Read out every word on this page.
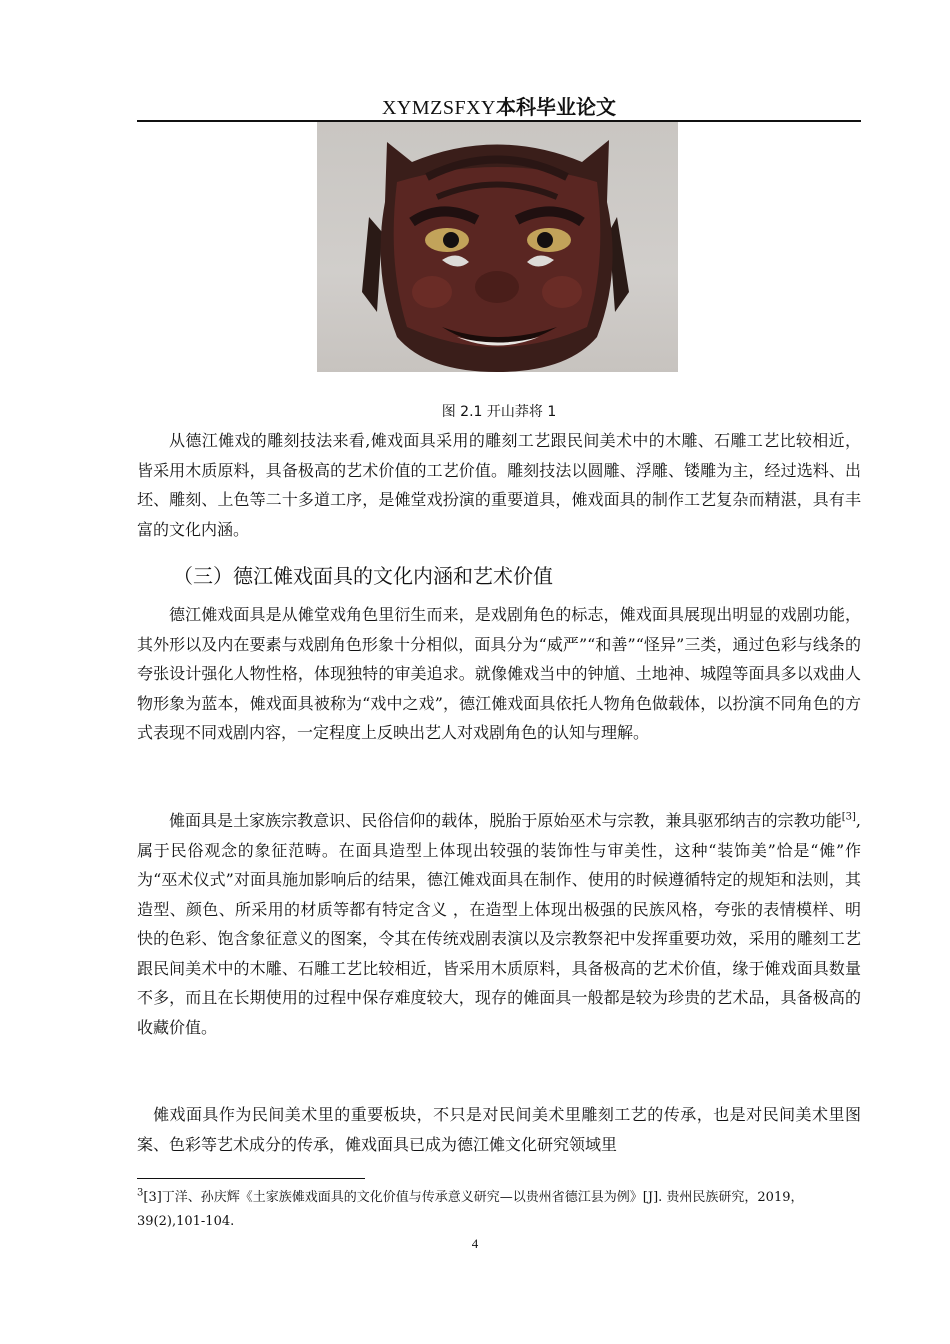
XYMZSFXY本科毕业论文
图 2.1 开山莽将 1

从德江傩戏的雕刻技法来看,傩戏面具采用的雕刻工艺跟民间美术中的木雕、石雕工艺比较相近，皆采用木质原料，具备极高的艺术价值的工艺价值。雕刻技法以圆雕、浮雕、镂雕为主，经过选料、出坯、雕刻、上色等二十多道工序，是傩堂戏扮演的重要道具，傩戏面具的制作工艺复杂而精湛，具有丰富的文化内涵。

（三）德江傩戏面具的文化内涵和艺术价值

德江傩戏面具是从傩堂戏角色里衍生而来，是戏剧角色的标志，傩戏面具展现出明显的戏剧功能，其外形以及内在要素与戏剧角色形象十分相似，面具分为“威严”“和善”“怪异”三类，通过色彩与线条的夸张设计强化人物性格，体现独特的审美追求。就像傩戏当中的钟馗、土地神、城隍等面具多以戏曲人物形象为蓝本，傩戏面具被称为“戏中之戏”，德江傩戏面具依托人物角色做载体，以扮演不同角色的方式表现不同戏剧内容，一定程度上反映出艺人对戏剧角色的认知与理解。

傩面具是土家族宗教意识、民俗信仰的载体，脱胎于原始巫术与宗教，兼具驱邪纳吉的宗教功能[3],属于民俗观念的象征范畴。在面具造型上体现出较强的装饰性与审美性，这种“装饰美”恰是“傩”作为“巫术仪式”对面具施加影响后的结果，德江傩戏面具在制作、使用的时候遵循特定的规矩和法则，其造型、颜色、所采用的材质等都有特定含义 ，在造型上体现出极强的民族风格，夸张的表情模样、明快的色彩、饱含象征意义的图案，令其在传统戏剧表演以及宗教祭祀中发挥重要功效，采用的雕刻工艺跟民间美术中的木雕、石雕工艺比较相近，皆采用木质原料，具备极高的艺术价值，缘于傩戏面具数量不多，而且在长期使用的过程中保存难度较大，现存的傩面具一般都是较为珍贵的艺术品，具备极高的收藏价值。

傩戏面具作为民间美术里的重要板块，不只是对民间美术里雕刻工艺的传承，也是对民间美术里图案、色彩等艺术成分的传承，傩戏面具已成为德江傩文化研究领域里

$^3$[3]丁洋、孙庆辉《土家族傩戏面具的文化价值与传承意义研究—以贵州省德江县为例》[J]. 贵州民族研究，2019，39(2),101-104.
4
